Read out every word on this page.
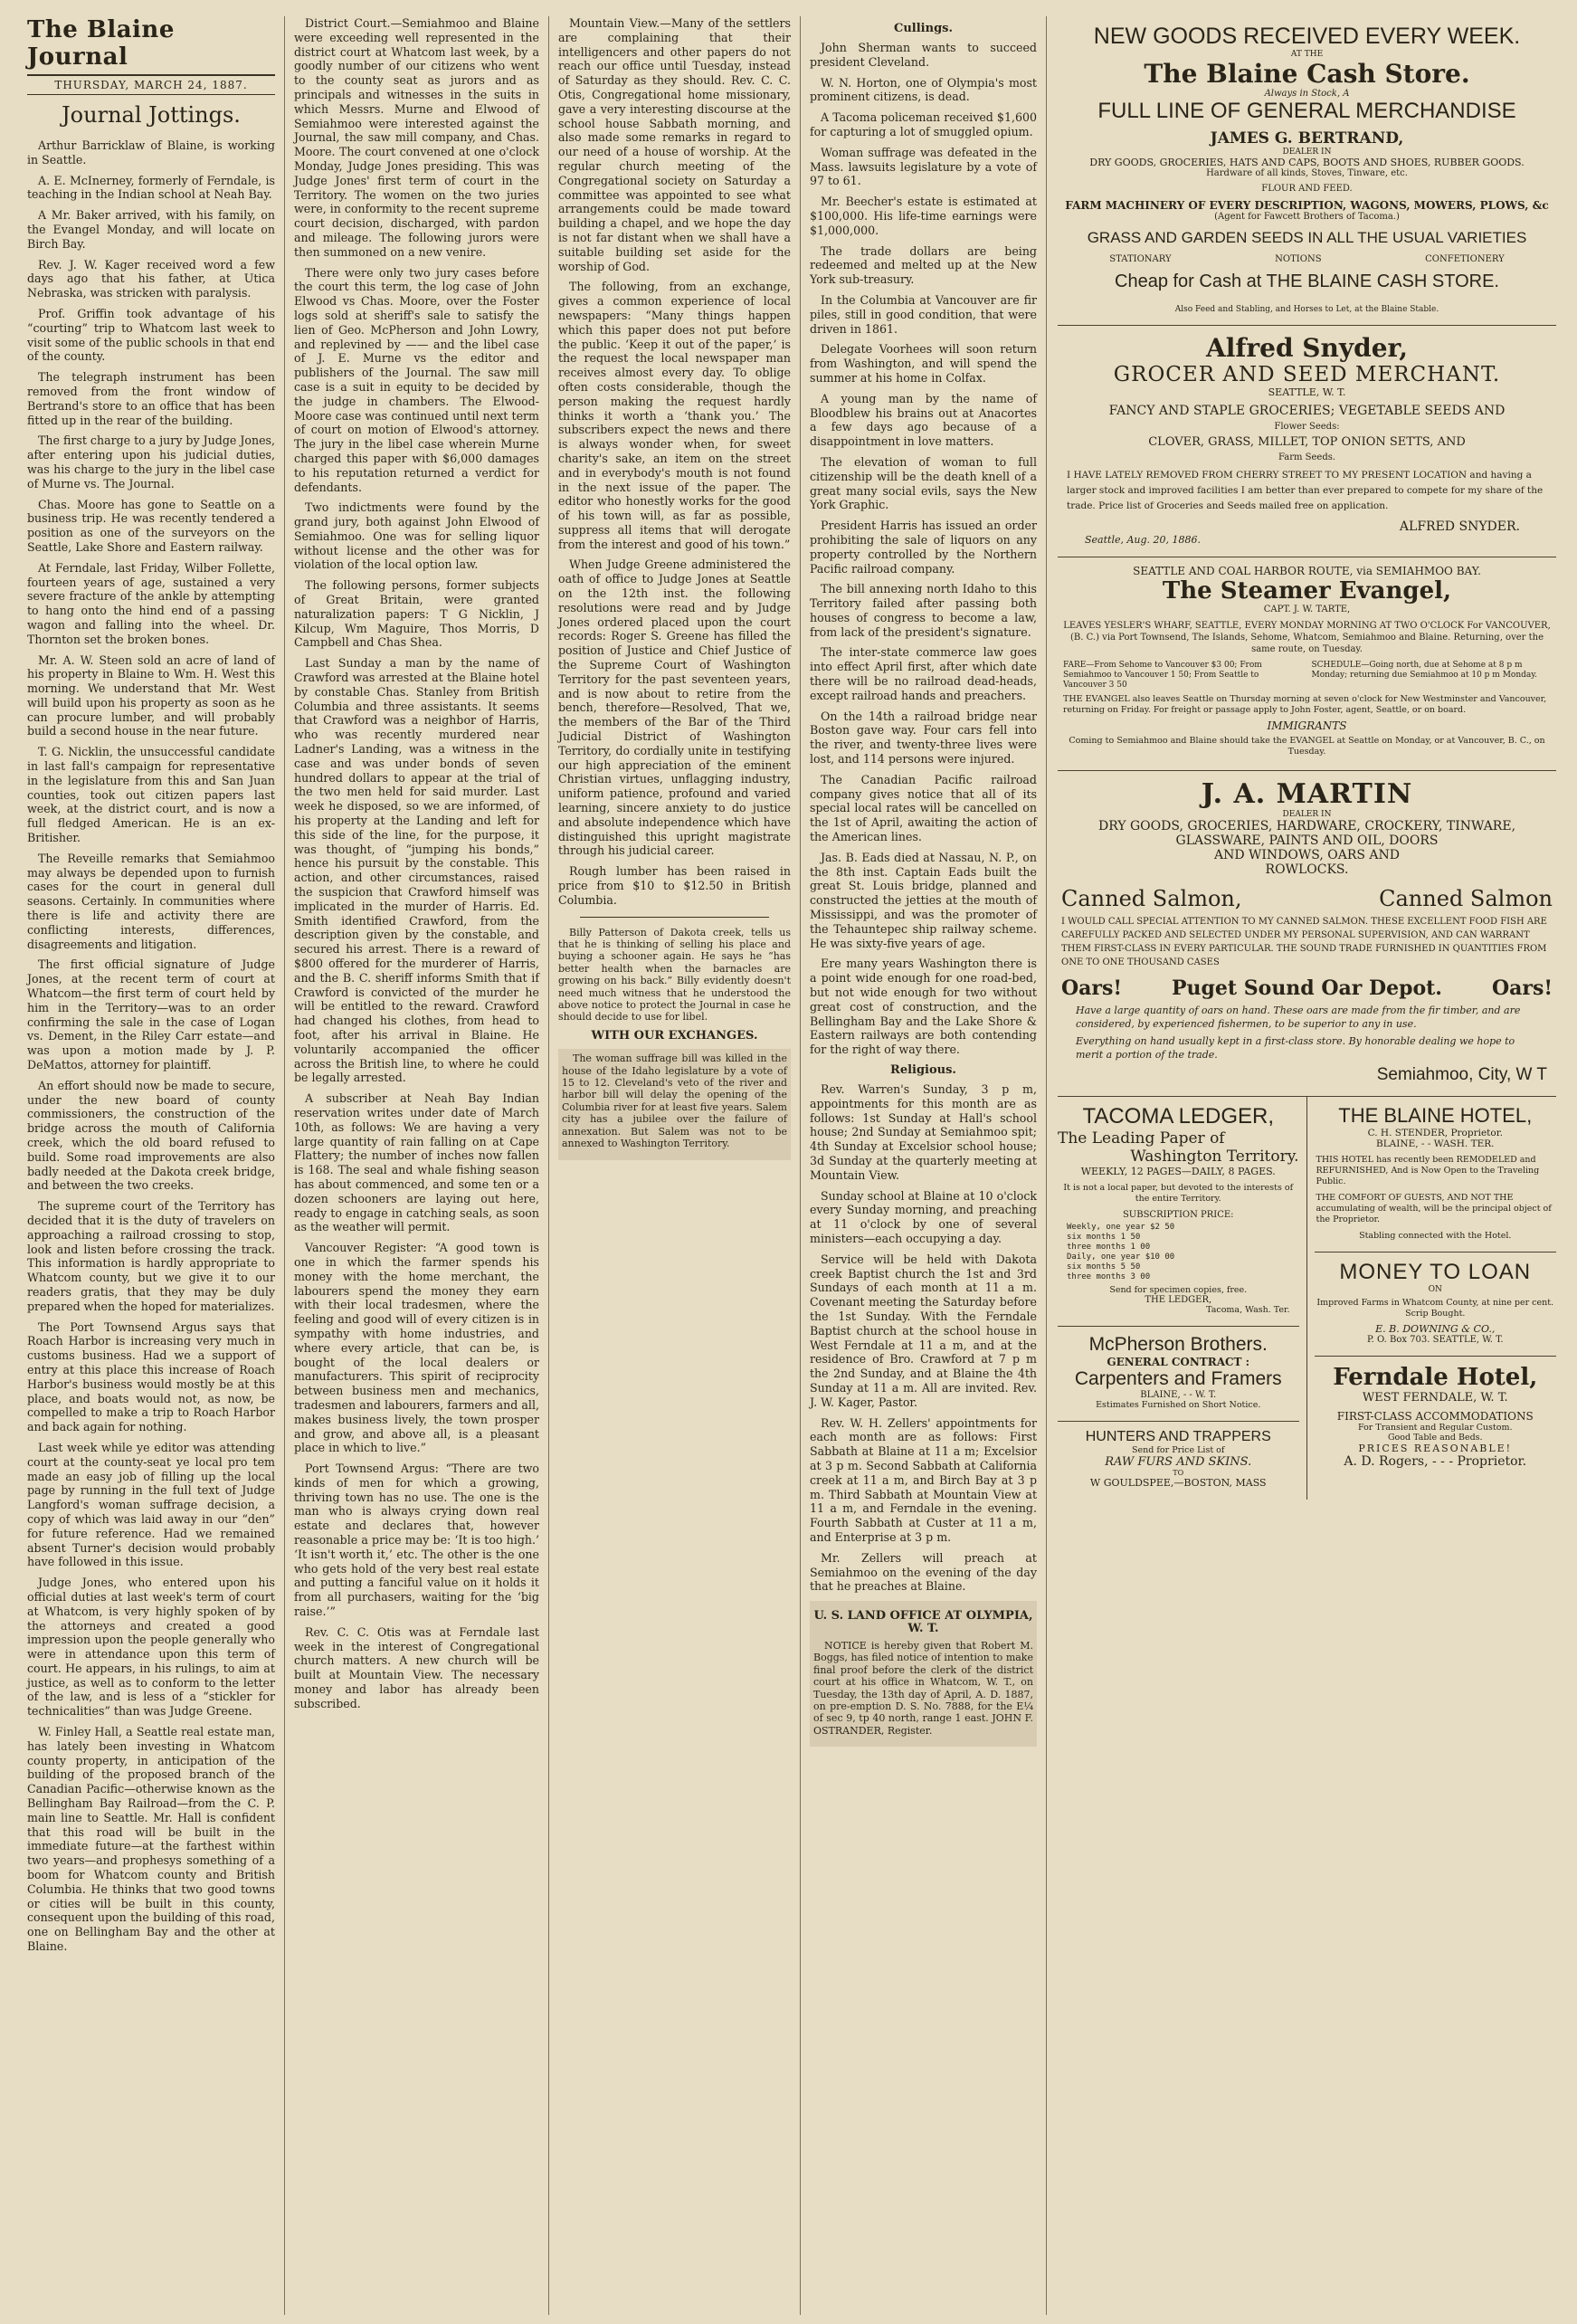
The Blaine Journal
THURSDAY, MARCH 24, 1887.
Journal Jottings.

Arthur Barricklaw of Blaine, is working in Seattle.

A. E. McInerney, formerly of Ferndale, is teaching in the Indian school at Neah Bay.

A Mr. Baker arrived, with his family, on the Evangel Monday, and will locate on Birch Bay.

Rev. J. W. Kager received word a few days ago that his father, at Utica Nebraska, was stricken with paralysis.

Prof. Griffin took advantage of his “courting” trip to Whatcom last week to visit some of the public schools in that end of the county.

The telegraph instrument has been removed from the front window of Bertrand's store to an office that has been fitted up in the rear of the building.

The first charge to a jury by Judge Jones, after entering upon his judicial duties, was his charge to the jury in the libel case of Murne vs. The Journal.

Chas. Moore has gone to Seattle on a business trip. He was recently tendered a position as one of the surveyors on the Seattle, Lake Shore and Eastern railway.

At Ferndale, last Friday, Wilber Follette, fourteen years of age, sustained a very severe fracture of the ankle by attempting to hang onto the hind end of a passing wagon and falling into the wheel. Dr. Thornton set the broken bones.

Mr. A. W. Steen sold an acre of land of his property in Blaine to Wm. H. West this morning. We understand that Mr. West will build upon his property as soon as he can procure lumber, and will probably build a second house in the near future.

T. G. Nicklin, the unsuccessful candidate in last fall's campaign for representative in the legislature from this and San Juan counties, took out citizen papers last week, at the district court, and is now a full fledged American. He is an ex-Britisher.

The Reveille remarks that Semiahmoo may always be depended upon to furnish cases for the court in general dull seasons. Certainly. In communities where there is life and activity there are conflicting interests, differences, disagreements and litigation.

The first official signature of Judge Jones, at the recent term of court at Whatcom—the first term of court held by him in the Territory—was to an order confirming the sale in the case of Logan vs. Dement, in the Riley Carr estate—and was upon a motion made by J. P. DeMattos, attorney for plaintiff.

An effort should now be made to secure, under the new board of county commissioners, the construction of the bridge across the mouth of California creek, which the old board refused to build. Some road improvements are also badly needed at the Dakota creek bridge, and between the two creeks.

The supreme court of the Territory has decided that it is the duty of travelers on approaching a railroad crossing to stop, look and listen before crossing the track. This information is hardly appropriate to Whatcom county, but we give it to our readers gratis, that they may be duly prepared when the hoped for materializes.

The Port Townsend Argus says that Roach Harbor is increasing very much in customs business. Had we a support of entry at this place this increase of Roach Harbor's business would mostly be at this place, and boats would not, as now, be compelled to make a trip to Roach Harbor and back again for nothing.

Last week while ye editor was attending court at the county-seat ye local pro tem made an easy job of filling up the local page by running in the full text of Judge Langford's woman suffrage decision, a copy of which was laid away in our “den” for future reference. Had we remained absent Turner's decision would probably have followed in this issue.

Judge Jones, who entered upon his official duties at last week's term of court at Whatcom, is very highly spoken of by the attorneys and created a good impression upon the people generally who were in attendance upon this term of court. He appears, in his rulings, to aim at justice, as well as to conform to the letter of the law, and is less of a “stickler for technicalities” than was Judge Greene.

W. Finley Hall, a Seattle real estate man, has lately been investing in Whatcom county property, in anticipation of the building of the proposed branch of the Canadian Pacific—otherwise known as the Bellingham Bay Railroad—from the C. P. main line to Seattle. Mr. Hall is confident that this road will be built in the immediate future—at the farthest within two years—and prophesys something of a boom for Whatcom county and British Columbia. He thinks that two good towns or cities will be built in this county, consequent upon the building of this road, one on Bellingham Bay and the other at Blaine.

District Court.—Semiahmoo and Blaine were exceeding well represented in the district court at Whatcom last week, by a goodly number of our citizens who went to the county seat as jurors and as principals and witnesses in the suits in which Messrs. Murne and Elwood of Semiahmoo were interested against the Journal, the saw mill company, and Chas. Moore. The court convened at one o'clock Monday, Judge Jones presiding. This was Judge Jones' first term of court in the Territory. The women on the two juries were, in conformity to the recent supreme court decision, discharged, with pardon and mileage. The following jurors were then summoned on a new venire.

There were only two jury cases before the court this term, the log case of John Elwood vs Chas. Moore, over the Foster logs sold at sheriff's sale to satisfy the lien of Geo. McPherson and John Lowry, and replevined by —— and the libel case of J. E. Murne vs the editor and publishers of the Journal. The saw mill case is a suit in equity to be decided by the judge in chambers. The Elwood-Moore case was continued until next term of court on motion of Elwood's attorney. The jury in the libel case wherein Murne charged this paper with $6,000 damages to his reputation returned a verdict for defendants.

Two indictments were found by the grand jury, both against John Elwood of Semiahmoo. One was for selling liquor without license and the other was for violation of the local option law.

The following persons, former subjects of Great Britain, were granted naturalization papers: T G Nicklin, J Kilcup, Wm Maguire, Thos Morris, D Campbell and Chas Shea.

Last Sunday a man by the name of Crawford was arrested at the Blaine hotel by constable Chas. Stanley from British Columbia and three assistants. It seems that Crawford was a neighbor of Harris, who was recently murdered near Ladner's Landing, was a witness in the case and was under bonds of seven hundred dollars to appear at the trial of the two men held for said murder. Last week he disposed, so we are informed, of his property at the Landing and left for this side of the line, for the purpose, it was thought, of “jumping his bonds,” hence his pursuit by the constable. This action, and other circumstances, raised the suspicion that Crawford himself was implicated in the murder of Harris. Ed. Smith identified Crawford, from the description given by the constable, and secured his arrest. There is a reward of $800 offered for the murderer of Harris, and the B. C. sheriff informs Smith that if Crawford is convicted of the murder he will be entitled to the reward. Crawford had changed his clothes, from head to foot, after his arrival in Blaine. He voluntarily accompanied the officer across the British line, to where he could be legally arrested.

A subscriber at Neah Bay Indian reservation writes under date of March 10th, as follows: We are having a very large quantity of rain falling on at Cape Flattery; the number of inches now fallen is 168. The seal and whale fishing season has about commenced, and some ten or a dozen schooners are laying out here, ready to engage in catching seals, as soon as the weather will permit.

Vancouver Register: “A good town is one in which the farmer spends his money with the home merchant, the labourers spend the money they earn with their local tradesmen, where the feeling and good will of every citizen is in sympathy with home industries, and where every article, that can be, is bought of the local dealers or manufacturers. This spirit of reciprocity between business men and mechanics, tradesmen and labourers, farmers and all, makes business lively, the town prosper and grow, and above all, is a pleasant place in which to live.”

Port Townsend Argus: “There are two kinds of men for which a growing, thriving town has no use. The one is the man who is always crying down real estate and declares that, however reasonable a price may be: ‘It is too high.’ ‘It isn't worth it,’ etc. The other is the one who gets hold of the very best real estate and putting a fanciful value on it holds it from all purchasers, waiting for the ‘big raise.’”

Rev. C. C. Otis was at Ferndale last week in the interest of Congregational church matters. A new church will be built at Mountain View. The necessary money and labor has already been subscribed.

Mountain View.—Many of the settlers are complaining that their intelligencers and other papers do not reach our office until Tuesday, instead of Saturday as they should. Rev. C. C. Otis, Congregational home missionary, gave a very interesting discourse at the school house Sabbath morning, and also made some remarks in regard to our need of a house of worship. At the regular church meeting of the Congregational society on Saturday a committee was appointed to see what arrangements could be made toward building a chapel, and we hope the day is not far distant when we shall have a suitable building set aside for the worship of God.

The following, from an exchange, gives a common experience of local newspapers: “Many things happen which this paper does not put before the public. ‘Keep it out of the paper,’ is the request the local newspaper man receives almost every day. To oblige often costs considerable, though the person making the request hardly thinks it worth a ‘thank you.’ The subscribers expect the news and there is always wonder when, for sweet charity's sake, an item on the street and in everybody's mouth is not found in the next issue of the paper. The editor who honestly works for the good of his town will, as far as possible, suppress all items that will derogate from the interest and good of his town.”

When Judge Greene administered the oath of office to Judge Jones at Seattle on the 12th inst. the following resolutions were read and by Judge Jones ordered placed upon the court records: Roger S. Greene has filled the position of Justice and Chief Justice of the Supreme Court of Washington Territory for the past seventeen years, and is now about to retire from the bench, therefore—Resolved, That we, the members of the Bar of the Third Judicial District of Washington Territory, do cordially unite in testifying our high appreciation of the eminent Christian virtues, unflagging industry, uniform patience, profound and varied learning, sincere anxiety to do justice and absolute independence which have distinguished this upright magistrate through his judicial career.

Rough lumber has been raised in price from $10 to $12.50 in British Columbia.

Billy Patterson of Dakota creek, tells us that he is thinking of selling his place and buying a schooner again. He says he “has better health when the barnacles are growing on his back.” Billy evidently doesn't need much witness that he understood the above notice to protect the Journal in case he should decide to use for libel.

WITH OUR EXCHANGES.

The woman suffrage bill was killed in the house of the Idaho legislature by a vote of 15 to 12. Cleveland's veto of the river and harbor bill will delay the opening of the Columbia river for at least five years. Salem city has a jubilee over the failure of annexation. But Salem was not to be annexed to Washington Territory.

Cullings.

John Sherman wants to succeed president Cleveland.

W. N. Horton, one of Olympia's most prominent citizens, is dead.

A Tacoma policeman received $1,600 for capturing a lot of smuggled opium.

Woman suffrage was defeated in the Mass. lawsuits legislature by a vote of 97 to 61.

Mr. Beecher's estate is estimated at $100,000. His life-time earnings were $1,000,000.

The trade dollars are being redeemed and melted up at the New York sub-treasury.

In the Columbia at Vancouver are fir piles, still in good condition, that were driven in 1861.

Delegate Voorhees will soon return from Washington, and will spend the summer at his home in Colfax.

A young man by the name of Bloodblew his brains out at Anacortes a few days ago because of a disappointment in love matters.

The elevation of woman to full citizenship will be the death knell of a great many social evils, says the New York Graphic.

President Harris has issued an order prohibiting the sale of liquors on any property controlled by the Northern Pacific railroad company.

The bill annexing north Idaho to this Territory failed after passing both houses of congress to become a law, from lack of the president's signature.

The inter-state commerce law goes into effect April first, after which date there will be no railroad dead-heads, except railroad hands and preachers.

On the 14th a railroad bridge near Boston gave way. Four cars fell into the river, and twenty-three lives were lost, and 114 persons were injured.

The Canadian Pacific railroad company gives notice that all of its special local rates will be cancelled on the 1st of April, awaiting the action of the American lines.

Jas. B. Eads died at Nassau, N. P., on the 8th inst. Captain Eads built the great St. Louis bridge, planned and constructed the jetties at the mouth of Mississippi, and was the promoter of the Tehauntepec ship railway scheme. He was sixty-five years of age.

Ere many years Washington there is a point wide enough for one road-bed, but not wide enough for two without great cost of construction, and the Bellingham Bay and the Lake Shore & Eastern railways are both contending for the right of way there.

Religious.

Rev. Warren's Sunday, 3 p m, appointments for this month are as follows: 1st Sunday at Hall's school house; 2nd Sunday at Semiahmoo spit; 4th Sunday at Excelsior school house; 3d Sunday at the quarterly meeting at Mountain View.

Sunday school at Blaine at 10 o'clock every Sunday morning, and preaching at 11 o'clock by one of several ministers—each occupying a day.

Service will be held with Dakota creek Baptist church the 1st and 3rd Sundays of each month at 11 a m. Covenant meeting the Saturday before the 1st Sunday. With the Ferndale Baptist church at the school house in West Ferndale at 11 a m, and at the residence of Bro. Crawford at 7 p m the 2nd Sunday, and at Blaine the 4th Sunday at 11 a m. All are invited. Rev. J. W. Kager, Pastor.

Rev. W. H. Zellers' appointments for each month are as follows: First Sabbath at Blaine at 11 a m; Excelsior at 3 p m. Second Sabbath at California creek at 11 a m, and Birch Bay at 3 p m. Third Sabbath at Mountain View at 11 a m, and Ferndale in the evening. Fourth Sabbath at Custer at 11 a m, and Enterprise at 3 p m.

Mr. Zellers will preach at Semiahmoo on the evening of the day that he preaches at Blaine.

U. S. LAND OFFICE AT OLYMPIA, W. T.

NOTICE is hereby given that Robert M. Boggs, has filed notice of intention to make final proof before the clerk of the district court at his office in Whatcom, W. T., on Tuesday, the 13th day of April, A. D. 1887, on pre-emption D. S. No. 7888, for the E¼ of sec 9, tp 40 north, range 1 east. JOHN F. OSTRANDER, Register.

NEW GOODS RECEIVED EVERY WEEK.
AT THE
The Blaine Cash Store.
Always in Stock, A
FULL LINE OF GENERAL MERCHANDISE
JAMES G. BERTRAND,
DEALER IN
DRY GOODS, GROCERIES, HATS AND CAPS, BOOTS AND SHOES, RUBBER GOODS.
Hardware of all kinds, Stoves, Tinware, etc.
FLOUR AND FEED.
FARM MACHINERY OF EVERY DESCRIPTION, WAGONS, MOWERS, PLOWS, &c
(Agent for Fawcett Brothers of Tacoma.)
GRASS AND GARDEN SEEDS IN ALL THE USUAL VARIETIES
STATIONARY	NOTIONS	CONFETIONERY
Cheap for Cash at THE BLAINE CASH STORE.
Also Feed and Stabling, and Horses to Let, at the Blaine Stable.
Alfred Snyder,
GROCER AND SEED MERCHANT.
SEATTLE, W. T.
FANCY AND STAPLE GROCERIES; VEGETABLE SEEDS AND
Flower Seeds:
CLOVER, GRASS, MILLET, TOP ONION SETTS, AND
Farm Seeds.

I HAVE LATELY REMOVED FROM CHERRY STREET TO MY PRESENT LOCATION and having a larger stock and improved facilities I am better than ever prepared to compete for my share of the trade. Price list of Groceries and Seeds mailed free on application.

ALFRED SNYDER.
Seattle, Aug. 20, 1886.
SEATTLE AND COAL HARBOR ROUTE, via SEMIAHMOO BAY.
The Steamer Evangel,
CAPT. J. W. TARTE,

LEAVES YESLER'S WHARF, SEATTLE, EVERY MONDAY MORNING AT TWO O'CLOCK For VANCOUVER, (B. C.) via Port Townsend, The Islands, Sehome, Whatcom, Semiahmoo and Blaine. Returning, over the same route, on Tuesday.

FARE—From Sehome to Vancouver $3 00; From Semiahmoo to Vancouver 1 50; From Seattle to Vancouver 3 50
SCHEDULE—Going north, due at Sehome at 8 p m Monday; returning due Semiahmoo at 10 p m Monday.

THE EVANGEL also leaves Seattle on Thursday morning at seven o'clock for New Westminster and Vancouver, returning on Friday. For freight or passage apply to John Foster, agent, Seattle, or on board.

IMMIGRANTS

Coming to Semiahmoo and Blaine should take the EVANGEL at Seattle on Monday, or at Vancouver, B. C., on Tuesday.

J. A. MARTIN
DEALER IN
DRY GOODS, GROCERIES, HARDWARE, CROCKERY, TINWARE,
GLASSWARE, PAINTS AND OIL, DOORS
AND WINDOWS, OARS AND
ROWLOCKS.
Canned Salmon,	Canned Salmon

I WOULD CALL SPECIAL ATTENTION TO MY CANNED SALMON. THESE EXCELLENT FOOD FISH ARE CAREFULLY PACKED AND SELECTED UNDER MY PERSONAL SUPERVISION, AND CAN WARRANT THEM FIRST-CLASS IN EVERY PARTICULAR. THE SOUND TRADE FURNISHED IN QUANTITIES FROM ONE TO ONE THOUSAND CASES

Oars! Puget Sound Oar Depot. Oars!

Have a large quantity of oars on hand. These oars are made from the fir timber, and are considered, by experienced fishermen, to be superior to any in use.

Everything on hand usually kept in a first-class store. By honorable dealing we hope to merit a portion of the trade.

Semiahmoo, City, W T
TACOMA LEDGER,
The Leading Paper of
Washington Territory.
WEEKLY, 12 PAGES—DAILY, 8 PAGES.

It is not a local paper, but devoted to the interests of the entire Territory.

SUBSCRIPTION PRICE:
Weekly, one year $2 50
six months 1 50
three months 1 00
Daily, one year $10 00
six months 5 50
three months 3 00
Send for specimen copies, free.
THE LEDGER,
Tacoma, Wash. Ter.
McPherson Brothers.
GENERAL CONTRACT :
Carpenters and Framers
BLAINE, - - W. T.
Estimates Furnished on Short Notice.
HUNTERS AND TRAPPERS
Send for Price List of
RAW FURS AND SKINS.
TO
W GOULDSPEE,—BOSTON, MASS
THE BLAINE HOTEL,
C. H. STENDER, Proprietor.
BLAINE, - - WASH. TER.

THIS HOTEL has recently been REMODELED and REFURNISHED, And is Now Open to the Traveling Public.

THE COMFORT OF GUESTS, AND NOT THE accumulating of wealth, will be the principal object of the Proprietor.

Stabling connected with the Hotel.
MONEY TO LOAN
ON

Improved Farms in Whatcom County, at nine per cent. Scrip Bought.

E. B. DOWNING & CO.,
P. O. Box 703. SEATTLE, W. T.
Ferndale Hotel,
WEST FERNDALE, W. T.
FIRST-CLASS ACCOMMODATIONS
For Transient and Regular Custom.
Good Table and Beds.
PRICES REASONABLE!
A. D. Rogers, - - - Proprietor.
